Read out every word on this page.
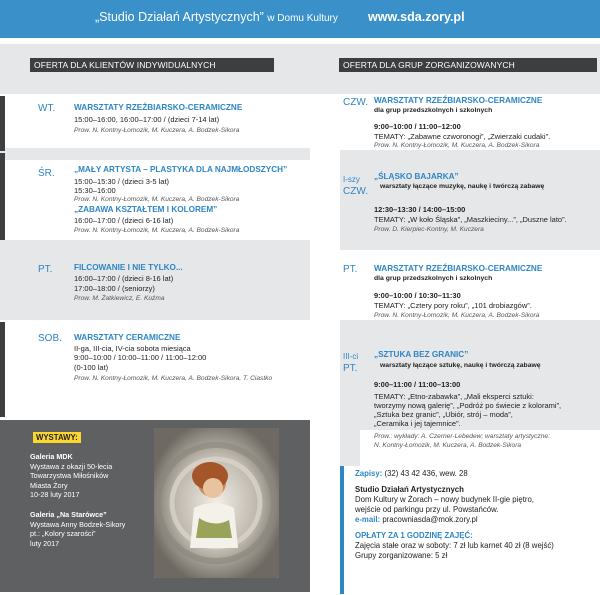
„Studio Działań Artystycznych” w Domu Kultury www.sda.zory.pl
OFERTA DLA KLIENTÓW INDYWIDUALNYCH	OFERTA DLA GRUP ZORGANIZOWANYCH
WT. WARSZTATY RZEŹBIARSKO-CERAMICZNE
15:00–16:00, 16:00–17:00 / (dzieci 7-14 lat)
Prow. N. Kontny-Łomozik, M. Kuczera, A. Bodzek-Sikora
ŚR. „MAŁY ARTYSTA – PLASTYKA DLA NAJMŁODSZYCH”
15:00–15:30 / (dzieci 3-5 lat)
15:30–16:00
Prow. N. Kontny-Łomozik, M. Kuczera, A. Bodzek-Sikora
„ZABAWA KSZTAŁTEM I KOLOREM”
16:00–17:00 / (dzieci 6-16 lat)
Prow. N. Kontny-Łomozik, M. Kuczera, A. Bodzek-Sikora
PT.	FILCOWANIE I NIE TYLKO...
16:00–17:00 / (dzieci 8-16 lat)
17:00–18:00 / (seniorzy)
Prow. M. Żatkiewicz, E. Kuźma
SOB. WARSZTATY CERAMICZNE
II-ga, III-cia, IV-cia sobota miesiąca
9:00–10:00 / 10:00–11:00 / 11:00–12:00
(0-100 lat)
Prow. N. Kontny-Łomozik, M. Kuczera, A. Bodzek-Sikora, T. Ciastko
WYSTAWY:
Galeria MDK
Wystawa z okazji 50-lecia
Towarzystwa Miłośników
Miasta Żory
10-28 luty 2017
Galeria „Na Starówce”
Wystawa Anny Bodzek-Sikory
pt.: „Kolory szarości”
luty 2017
CZW. WARSZTATY RZEŹBIARSKO-CERAMICZNE
dla grup przedszkolnych i szkolnych
9:00–10:00 / 11:00–12:00
TEMATY: „Zabawne czworonogi”, „Zwierzaki cudaki”.
Prow. N. Kontny-Łomozik, M. Kuczera, A. Bodzek-Sikora
I-szy
CZW.
„ŚLĄSKO BAJARKA”
warsztaty łączące muzykę, naukę i twórczą zabawę
12:30–13:30 / 14:00–15:00
TEMATY: „W koło Śląska”, „Maszkieciny...”, „Duszne lato”.
Prow. D. Kierpiec-Kontny, M. Kuczera
PT. WARSZTATY RZEŹBIARSKO-CERAMICZNE
dla grup przedszkolnych i szkolnych
9:00–10:00 / 10:30–11:30
TEMATY: „Cztery pory roku”, „101 drobiazgów”.
Prow. N. Kontny-Łomozik, M. Kuczera, A. Bodzek-Sikora
III-ci
PT.
„SZTUKA BEZ GRANIC”
warsztaty łączące sztukę, naukę i twórczą zabawę
9:00–11:00 / 11:00–13:00
TEMATY: „Etno-zabawka”, „Mali eksperci sztuki:
tworzymy nową galerię”, „Podróż po świecie z kolorami”,
„Sztuka bez granic”, „Ubiór, strój – moda”,
„Ceramika i jej tajemnice”.
Prow.: wykłady: A. Czerner-Lebedew; warsztaty artystyczne:
N. Kontny-Łomozik, M. Kuczera, A. Bodzek-Sikora
Zapisy: (32) 43 42 436, wew. 28
Studio Działań Artystycznych
Dom Kultury w Żorach – nowy budynek II-gie piętro,
wejście od parkingu przy ul. Powstańców.
e-mail: pracowniasda@mok.zory.pl
OPŁATY ZA 1 GODZINĘ ZAJĘĆ:
Zajęcia stałe oraz w soboty: 7 zł lub karnet 40 zł (8 wejść)
Grupy zorganizowane: 5 zł
